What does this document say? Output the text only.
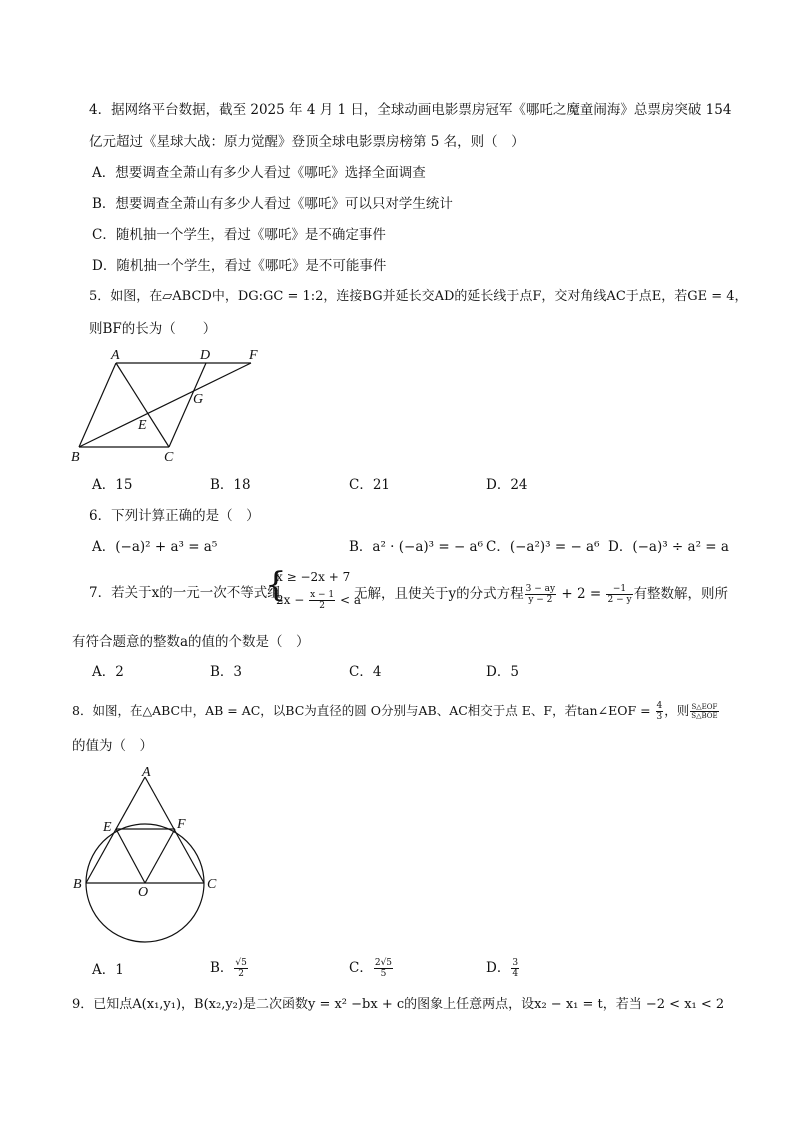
4．据网络平台数据，截至 2025 年 4 月 1 日，全球动画电影票房冠军《哪吒之魔童闹海》总票房突破 154
亿元超过《星球大战：原力觉醒》登顶全球电影票房榜第 5 名，则（　）
A．想要调查全萧山有多少人看过《哪吒》选择全面调查
B．想要调查全萧山有多少人看过《哪吒》可以只对学生统计
C．随机抽一个学生，看过《哪吒》是不确定事件
D．随机抽一个学生，看过《哪吒》是不可能事件
5．如图，在▱ABCD中，DG:GC = 1:2，连接BG并延长交AD的延长线于点F，交对角线AC于点E，若GE = 4，
则BF的长为（　　）
A	D	F
G
E
B	C
A．15	B．18	C．21	D．24
6．下列计算正确的是（　）
A．(−a)² + a³ = a⁵	B．a² · (−a)³ = − a⁶ C．(−a²)³ = − a⁶ D．(−a)³ ÷ a² = a
7．若关于x的一元一次不等式组
{
x ≥ −2x + 7
$2x - \frac{x - 1}{2} < a$
无解，且使关于y的分式方程 $\frac{3 - ay}{y - 2} + 2 = \frac{-1}{2 - y}$ 有整数解，则所
有符合题意的整数a的值的个数是（　）
A．2	B．3	C．4	D．5
8．如图，在△ABC中，AB = AC，以BC为直径的圆 O分别与AB、AC相交于点 E、F，若tan∠EOF = $\frac{4}{3}$ ，则 $\frac{\text{S△EOF}}{\text{S△BOE}}$
的值为（　）
A
E	F
B
O
C
A．1	B． $\frac{√5}{2}$	C． $\frac{2√5}{5}$	D． $\frac{3}{4}$
9．已知点A(x₁,y₁)，B(x₂,y₂)是二次函数y = x² −bx + c的图象上任意两点，设x₂ − x₁ = t，若当 −2 < x₁ < 2
